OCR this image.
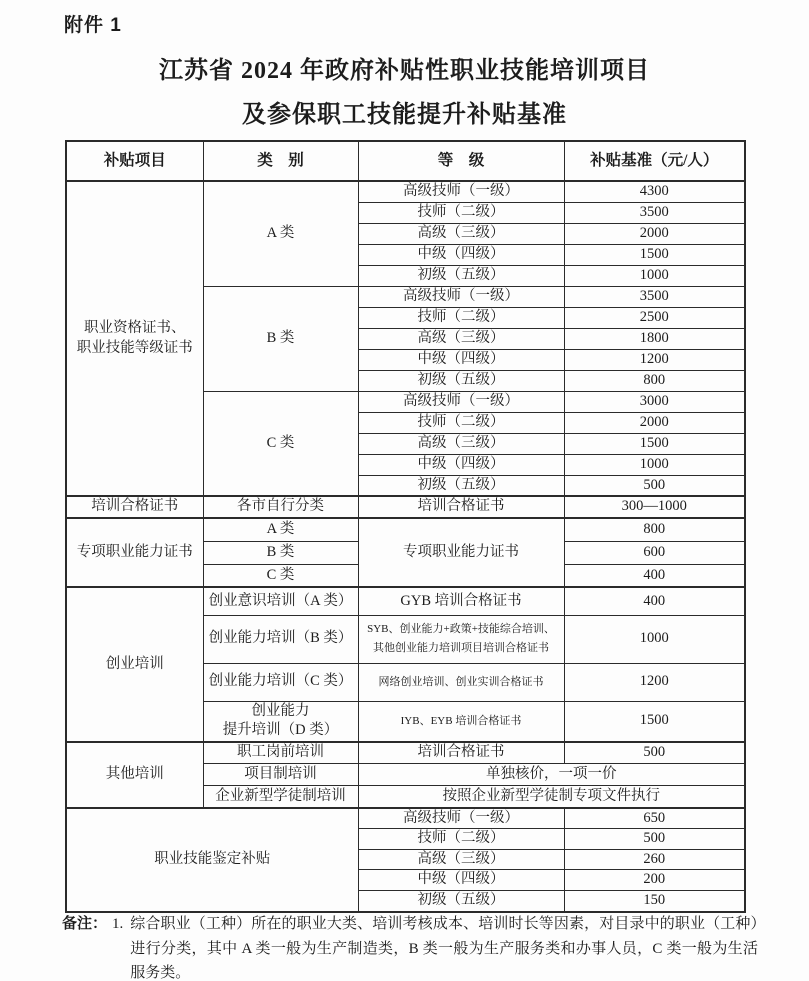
附件 1
江苏省 2024 年政府补贴性职业技能培训项目
及参保职工技能提升补贴基准
补贴项目	类　别	等　级	补贴基准（元/人）

职业资格证书、
职业技能等级证书	A 类	高级技师（一级）	4300
		技师（二级）	3500
		高级（三级）	2000
		中级（四级）	1500
		初级（五级）	1000
	B 类	高级技师（一级）	3500
		技师（二级）	2500
		高级（三级）	1800
		中级（四级）	1200
		初级（五级）	800
	C 类	高级技师（一级）	3000
		技师（二级）	2000
		高级（三级）	1500
		中级（四级）	1000
		初级（五级）	500
培训合格证书	各市自行分类	培训合格证书	300—1000
专项职业能力证书	A 类	专项职业能力证书	800
	B 类		600
	C 类		400
创业培训	创业意识培训（A 类）	GYB 培训合格证书	400
	创业能力培训（B 类）	SYB、创业能力+政策+技能综合培训、
其他创业能力培训项目培训合格证书	1000
	创业能力培训（C 类）	网络创业培训、创业实训合格证书	1200

	创业能力
提升培训（D 类）	IYB、EYB 培训合格证书	1500
其他培训	职工岗前培训	培训合格证书	500
	项目制培训	单独核价，一项一价	
	企业新型学徒制培训	按照企业新型学徒制专项文件执行	
职业技能鉴定补贴		高级技师（一级）	650
		技师（二级）	500
		高级（三级）	260
		中级（四级）	200
		初级（五级）	150
备注： 1. 综合职业（工种）所在的职业大类、培训考核成本、培训时长等因素，对目录中的职业（工种）进行分类，其中 A 类一般为生产制造类，B 类一般为生产服务类和办事人员，C 类一般为生活服务类。
